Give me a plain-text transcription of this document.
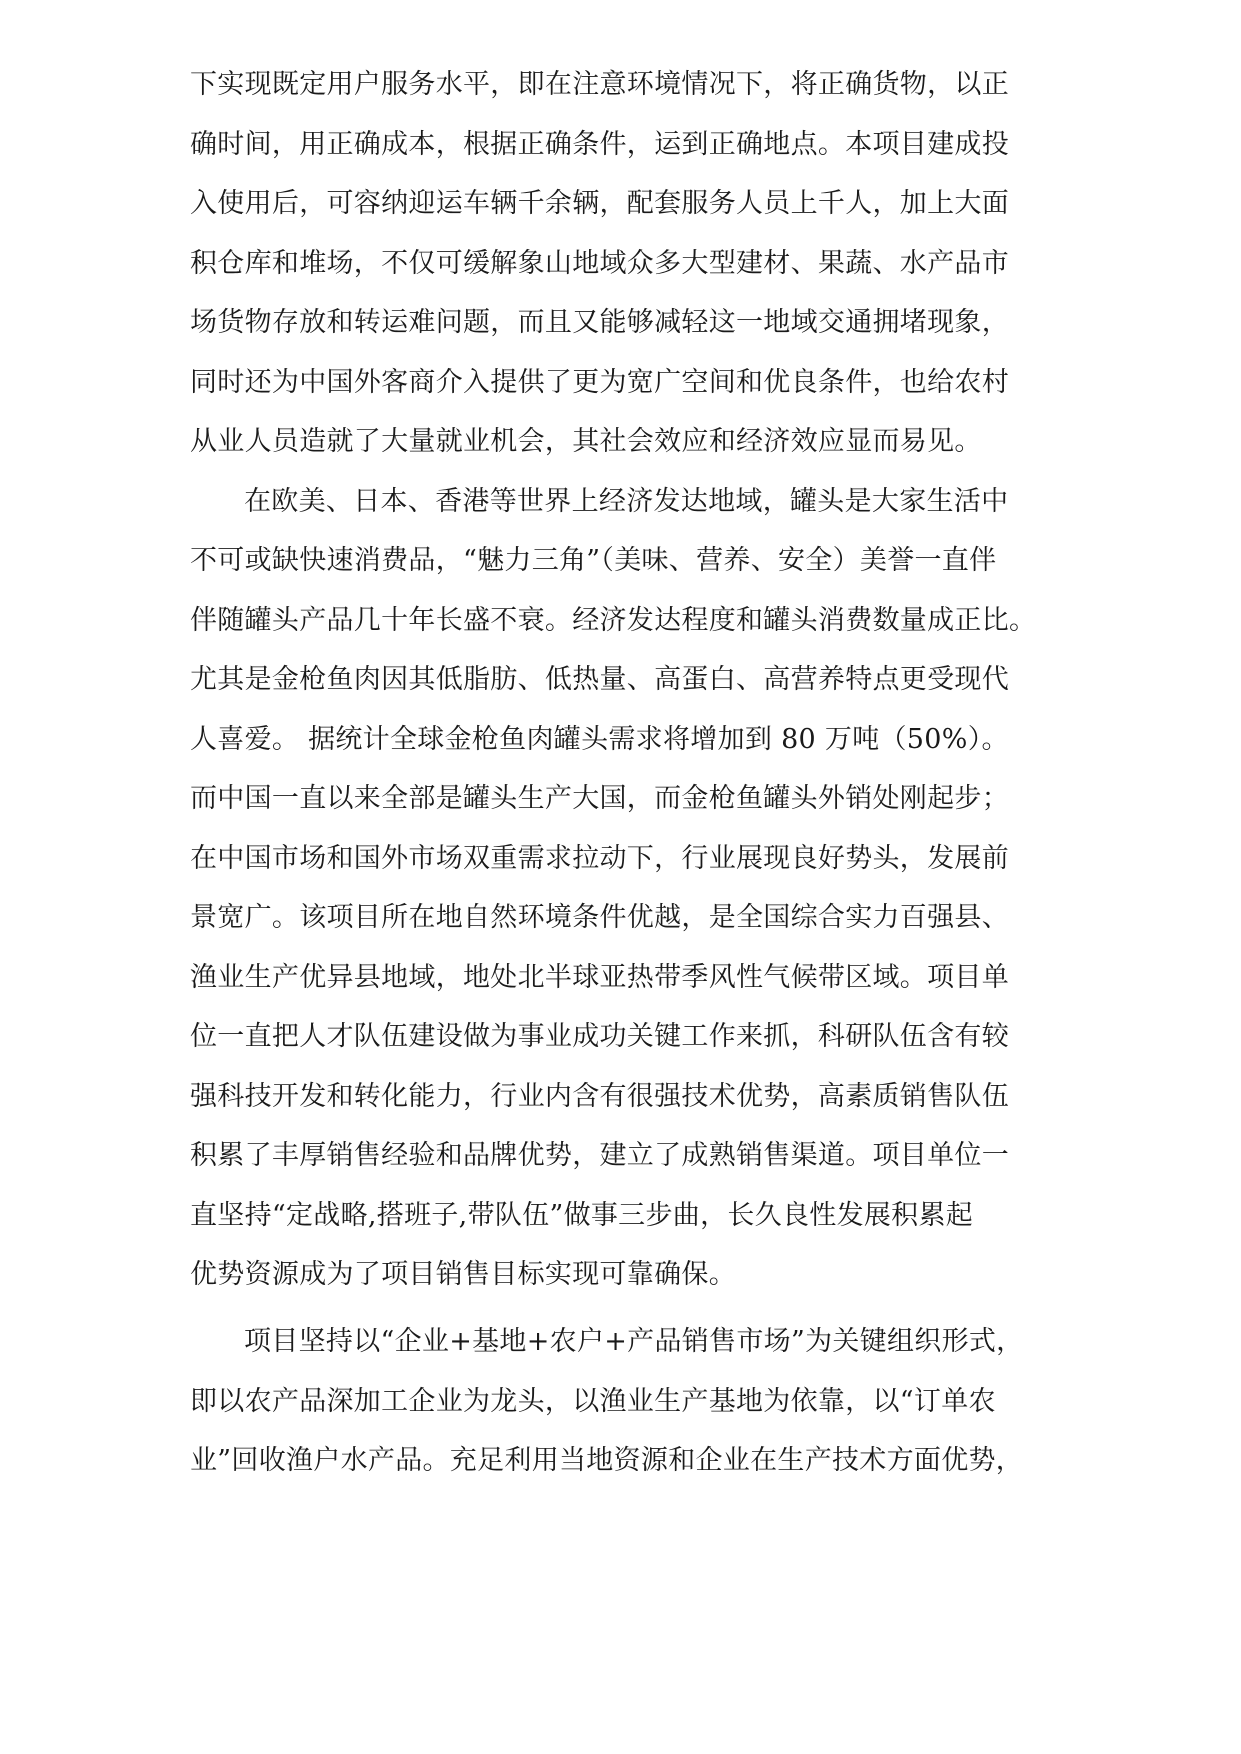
下实现既定用户服务水平，即在注意环境情况下，将正确货物，以正
确时间，用正确成本，根据正确条件，运到正确地点。本项目建成投
入使用后，可容纳迎运车辆千余辆，配套服务人员上千人，加上大面
积仓库和堆场，不仅可缓解象山地域众多大型建材、果蔬、水产品市
场货物存放和转运难问题，而且又能够减轻这一地域交通拥堵现象，
同时还为中国外客商介入提供了更为宽广空间和优良条件，也给农村
从业人员造就了大量就业机会，其社会效应和经济效应显而易见。
在欧美、日本、香港等世界上经济发达地域，罐头是大家生活中
不可或缺快速消费品，“魅力三角”（美味、营养、安全）美誉一直伴
伴随罐头产品几十年长盛不衰。经济发达程度和罐头消费数量成正比。
尤其是金枪鱼肉因其低脂肪、低热量、高蛋白、高营养特点更受现代
人喜爱。 据统计全球金枪鱼肉罐头需求将增加到 80 万吨（50%）。
而中国一直以来全部是罐头生产大国，而金枪鱼罐头外销处刚起步；
在中国市场和国外市场双重需求拉动下，行业展现良好势头，发展前
景宽广。该项目所在地自然环境条件优越，是全国综合实力百强县、
渔业生产优异县地域，地处北半球亚热带季风性气候带区域。项目单
位一直把人才队伍建设做为事业成功关键工作来抓，科研队伍含有较
强科技开发和转化能力，行业内含有很强技术优势，高素质销售队伍
积累了丰厚销售经验和品牌优势，建立了成熟销售渠道。项目单位一
直坚持“定战略,搭班子,带队伍”做事三步曲，长久良性发展积累起
优势资源成为了项目销售目标实现可靠确保。
项目坚持以“企业+基地+农户+产品销售市场”为关键组织形式，
即以农产品深加工企业为龙头，以渔业生产基地为依靠，以“订单农
业”回收渔户水产品。充足利用当地资源和企业在生产技术方面优势，
